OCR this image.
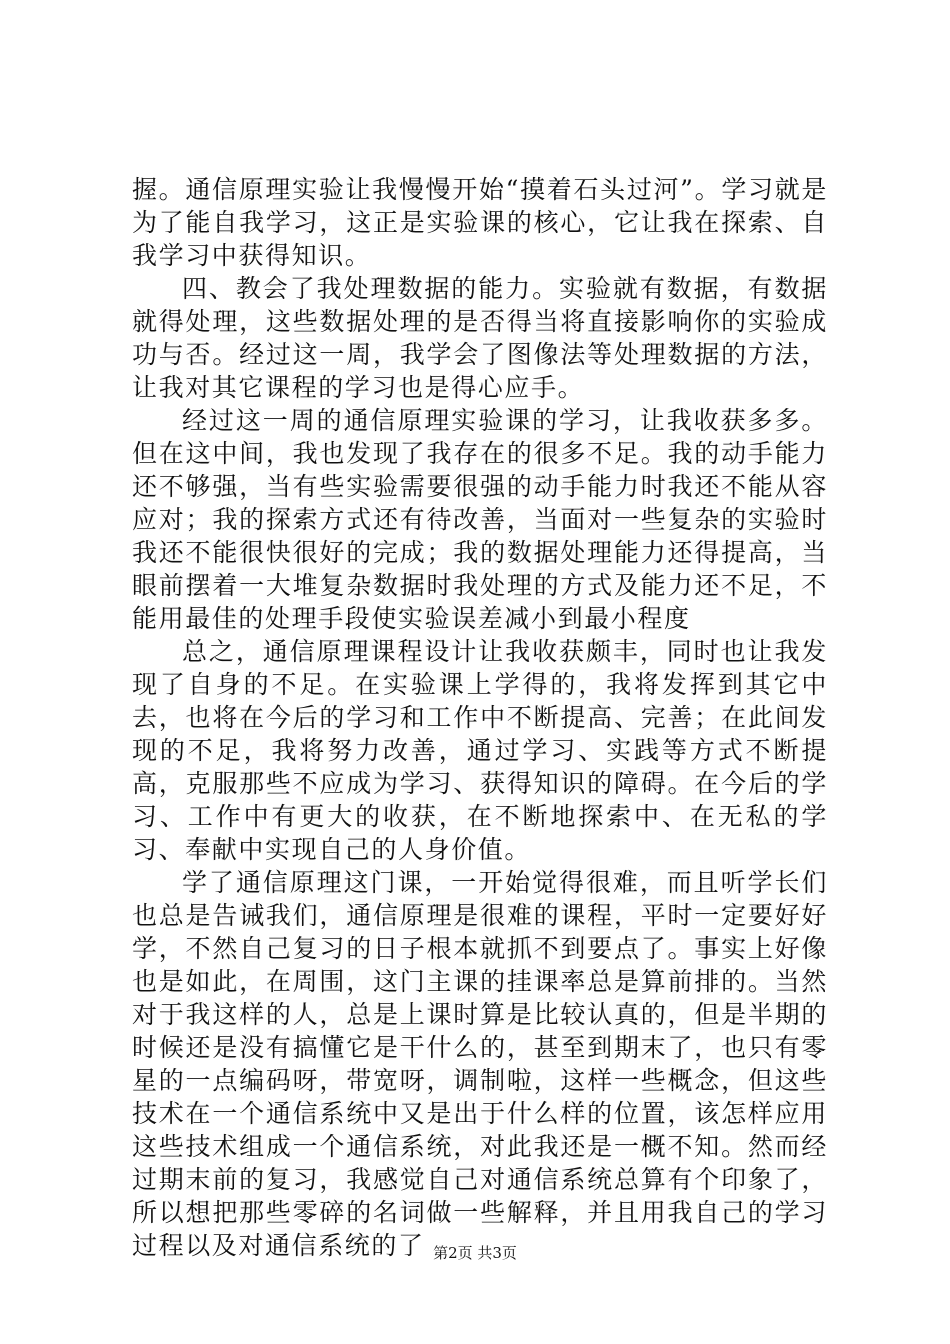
握。通信原理实验让我慢慢开始“摸着石头过河”。学习就是为了能自我学习，这正是实验课的核心，它让我在探索、自我学习中获得知识。

四、教会了我处理数据的能力。实验就有数据，有数据就得处理，这些数据处理的是否得当将直接影响你的实验成功与否。经过这一周，我学会了图像法等处理数据的方法，让我对其它课程的学习也是得心应手。

经过这一周的通信原理实验课的学习，让我收获多多。但在这中间，我也发现了我存在的很多不足。我的动手能力还不够强，当有些实验需要很强的动手能力时我还不能从容应对；我的探索方式还有待改善，当面对一些复杂的实验时我还不能很快很好的完成；我的数据处理能力还得提高，当眼前摆着一大堆复杂数据时我处理的方式及能力还不足，不能用最佳的处理手段使实验误差减小到最小程度

总之，通信原理课程设计让我收获颇丰，同时也让我发现了自身的不足。在实验课上学得的，我将发挥到其它中去，也将在今后的学习和工作中不断提高、完善；在此间发现的不足，我将努力改善，通过学习、实践等方式不断提高，克服那些不应成为学习、获得知识的障碍。在今后的学习、工作中有更大的收获，在不断地探索中、在无私的学习、奉献中实现自己的人身价值。

学了通信原理这门课，一开始觉得很难，而且听学长们也总是告诫我们，通信原理是很难的课程，平时一定要好好学，不然自己复习的日子根本就抓不到要点了。事实上好像也是如此，在周围，这门主课的挂课率总是算前排的。当然对于我这样的人，总是上课时算是比较认真的，但是半期的时候还是没有搞懂它是干什么的，甚至到期末了，也只有零星的一点编码呀，带宽呀，调制啦，这样一些概念，但这些技术在一个通信系统中又是出于什么样的位置，该怎样应用这些技术组成一个通信系统，对此我还是一概不知。然而经过期末前的复习，我感觉自己对通信系统总算有个印象了，所以想把那些零碎的名词做一些解释，并且用我自己的学习过程以及对通信系统的了 第2页 共3页
